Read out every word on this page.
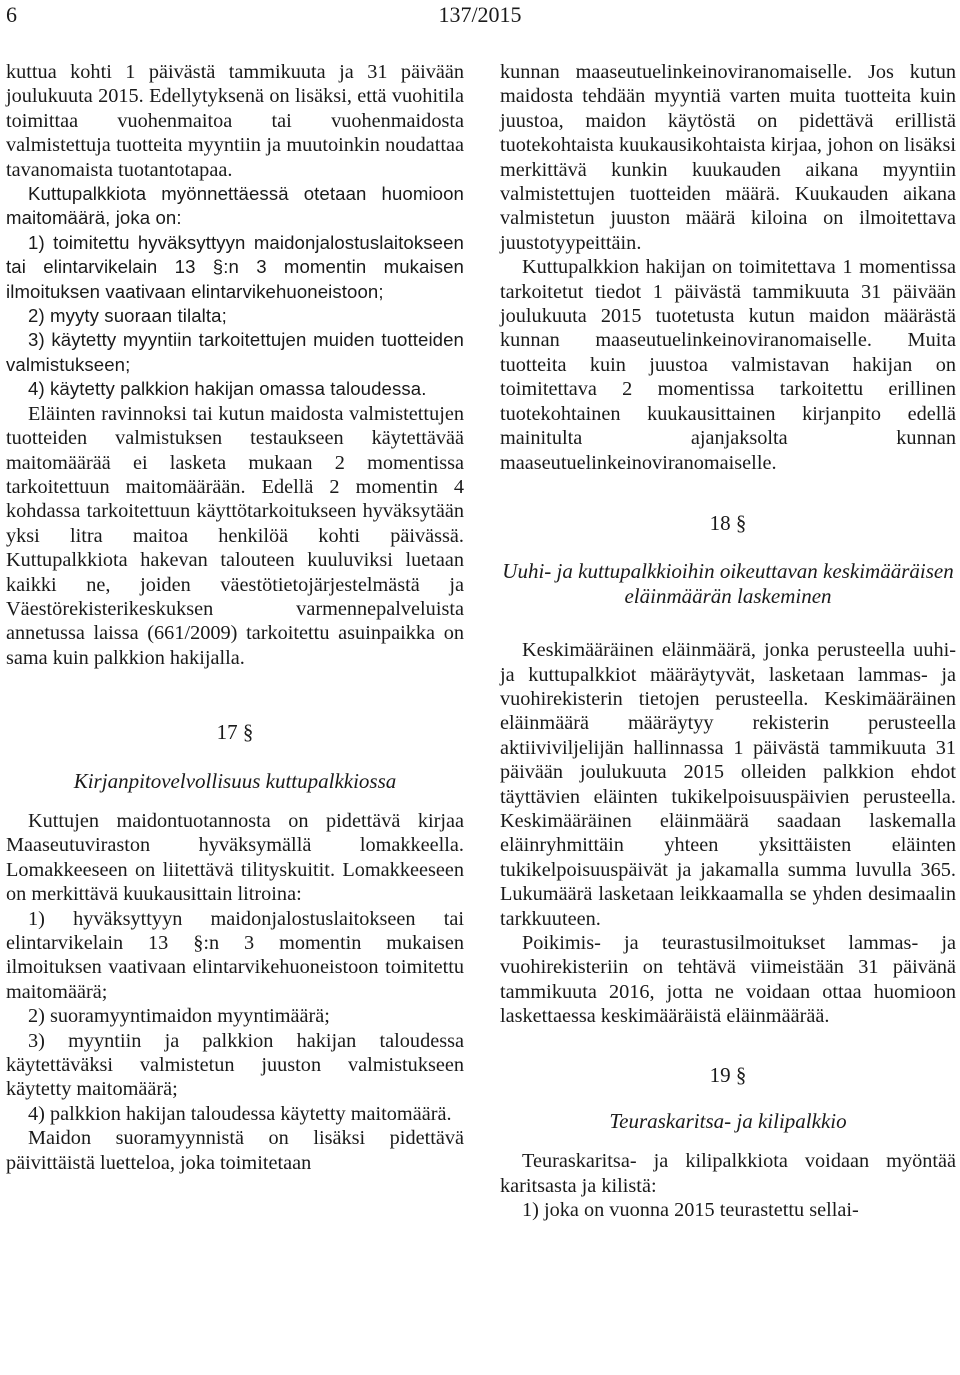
6	137/2015

kuttua kohti 1 päivästä tammikuuta ja 31 päivään joulukuuta 2015. Edellytyksenä on lisäksi, että vuohitila toimittaa vuohenmaitoa tai vuohenmaidosta valmistettuja tuotteita myyntiin ja muutoinkin noudattaa tavanomaista tuotantotapaa.

Kuttupalkkiota myönnettäessä otetaan huomioon maitomäärä, joka on:

1) toimitettu hyväksyttyyn maidonjalostuslaitokseen tai elintarvikelain 13 §:n 3 momentin mukaisen ilmoituksen vaativaan elintarvikehuoneistoon;

2) myyty suoraan tilalta;

3) käytetty myyntiin tarkoitettujen muiden tuotteiden valmistukseen;

4) käytetty palkkion hakijan omassa taloudessa.

Eläinten ravinnoksi tai kutun maidosta valmistettujen tuotteiden valmistuksen testaukseen käytettävää maitomäärää ei lasketa mukaan 2 momentissa tarkoitettuun maitomäärään. Edellä 2 momentin 4 kohdassa tarkoitettuun käyttötarkoitukseen hyväksytään yksi litra maitoa henkilöä kohti päivässä. Kuttupalkkiota hakevan talouteen kuuluviksi luetaan kaikki ne, joiden väestötietojärjestelmästä ja Väestörekisterikeskuksen varmennepalveluista annetussa laissa (661/2009) tarkoitettu asuinpaikka on sama kuin palkkion hakijalla.

17 §

Kirjanpitovelvollisuus kuttupalkkiossa

Kuttujen maidontuotannosta on pidettävä kirjaa Maaseutuviraston hyväksymällä lomakkeella. Lomakkeeseen on liitettävä tilityskuitit. Lomakkeeseen on merkittävä kuukausittain litroina:

1) hyväksyttyyn maidonjalostuslaitokseen tai elintarvikelain 13 §:n 3 momentin mukaisen ilmoituksen vaativaan elintarvikehuoneistoon toimitettu maitomäärä;

2) suoramyyntimaidon myyntimäärä;

3) myyntiin ja palkkion hakijan taloudessa käytettäväksi valmistetun juuston valmistukseen käytetty maitomäärä;

4) palkkion hakijan taloudessa käytetty maitomäärä.

Maidon suoramyynnistä on lisäksi pidettävä päivittäistä luetteloa, joka toimitetaan

kunnan maaseutuelinkeinoviranomaiselle. Jos kutun maidosta tehdään myyntiä varten muita tuotteita kuin juustoa, maidon käytöstä on pidettävä erillistä tuotekohtaista kuukausikohtaista kirjaa, johon on lisäksi merkittävä kunkin kuukauden aikana myyntiin valmistettujen tuotteiden määrä. Kuukauden aikana valmistetun juuston määrä kiloina on ilmoitettava juustotyypeittäin.

Kuttupalkkion hakijan on toimitettava 1 momentissa tarkoitetut tiedot 1 päivästä tammikuuta 31 päivään joulukuuta 2015 tuotetusta kutun maidon määrästä kunnan maaseutuelinkeinoviranomaiselle. Muita tuotteita kuin juustoa valmistavan hakijan on toimitettava 2 momentissa tarkoitettu erillinen tuotekohtainen kuukausittainen kirjanpito edellä mainitulta ajanjaksolta kunnan maaseutuelinkeinoviranomaiselle.

18 §

Uuhi- ja kuttupalkkioihin oikeuttavan keskimääräisen eläinmäärän laskeminen

Keskimääräinen eläinmäärä, jonka perusteella uuhi- ja kuttupalkkiot määräytyvät, lasketaan lammas- ja vuohirekisterin tietojen perusteella. Keskimääräinen eläinmäärä määräytyy rekisterin perusteella aktiiviviljelijän hallinnassa 1 päivästä tammikuuta 31 päivään joulukuuta 2015 olleiden palkkion ehdot täyttävien eläinten tukikelpoisuuspäivien perusteella. Keskimääräinen eläinmäärä saadaan laskemalla eläinryhmittäin yhteen yksittäisten eläinten tukikelpoisuuspäivät ja jakamalla summa luvulla 365. Lukumäärä lasketaan leikkaamalla se yhden desimaalin tarkkuuteen.

Poikimis- ja teurastusilmoitukset lammas- ja vuohirekisteriin on tehtävä viimeistään 31 päivänä tammikuuta 2016, jotta ne voidaan ottaa huomioon laskettaessa keskimääräistä eläinmäärää.

19 §

Teuraskaritsa- ja kilipalkkio

Teuraskaritsa- ja kilipalkkiota voidaan myöntää karitsasta ja kilistä:

1) joka on vuonna 2015 teurastettu sellai-
